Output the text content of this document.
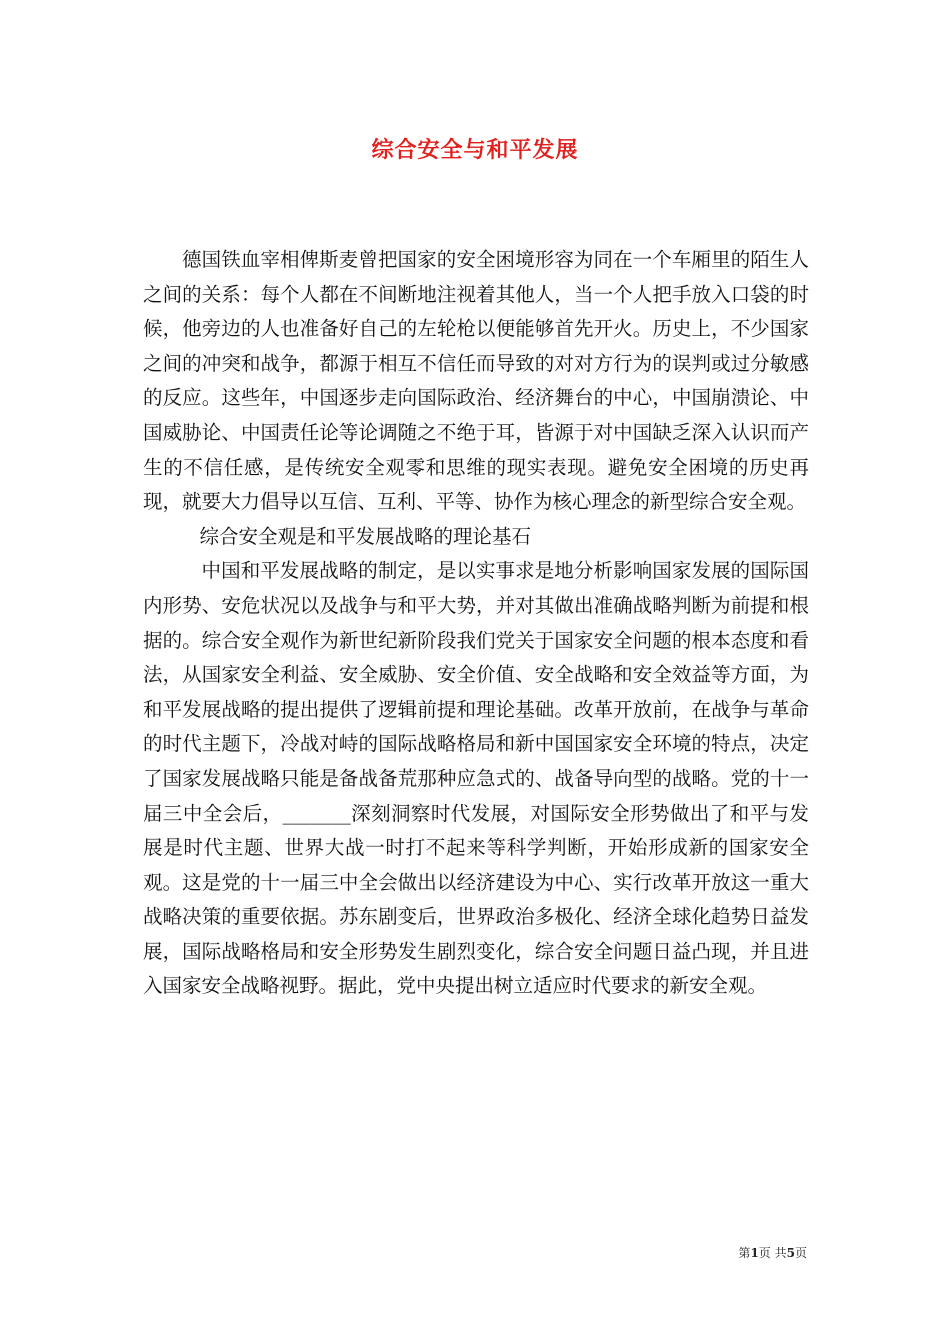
综合安全与和平发展

德国铁血宰相俾斯麦曾把国家的安全困境形容为同在一个车厢里的陌生人之间的关系：每个人都在不间断地注视着其他人，当一个人把手放入口袋的时候，他旁边的人也准备好自己的左轮枪以便能够首先开火。历史上，不少国家之间的冲突和战争，都源于相互不信任而导致的对对方行为的误判或过分敏感的反应。这些年，中国逐步走向国际政治、经济舞台的中心，中国崩溃论、中国威胁论、中国责任论等论调随之不绝于耳，皆源于对中国缺乏深入认识而产生的不信任感，是传统安全观零和思维的现实表现。避免安全困境的历史再现，就要大力倡导以互信、互利、平等、协作为核心理念的新型综合安全观。

综合安全观是和平发展战略的理论基石

中国和平发展战略的制定，是以实事求是地分析影响国家发展的国际国内形势、安危状况以及战争与和平大势，并对其做出准确战略判断为前提和根据的。综合安全观作为新世纪新阶段我们党关于国家安全问题的根本态度和看法，从国家安全利益、安全威胁、安全价值、安全战略和安全效益等方面，为和平发展战略的提出提供了逻辑前提和理论基础。改革开放前，在战争与革命的时代主题下，冷战对峙的国际战略格局和新中国国家安全环境的特点，决定了国家发展战略只能是备战备荒那种应急式的、战备导向型的战略。党的十一届三中全会后，_______深刻洞察时代发展，对国际安全形势做出了和平与发展是时代主题、世界大战一时打不起来等科学判断，开始形成新的国家安全观。这是党的十一届三中全会做出以经济建设为中心、实行改革开放这一重大战略决策的重要依据。苏东剧变后，世界政治多极化、经济全球化趋势日益发展，国际战略格局和安全形势发生剧烈变化，综合安全问题日益凸现，并且进入国家安全战略视野。据此，党中央提出树立适应时代要求的新安全观。

第1页 共5页
